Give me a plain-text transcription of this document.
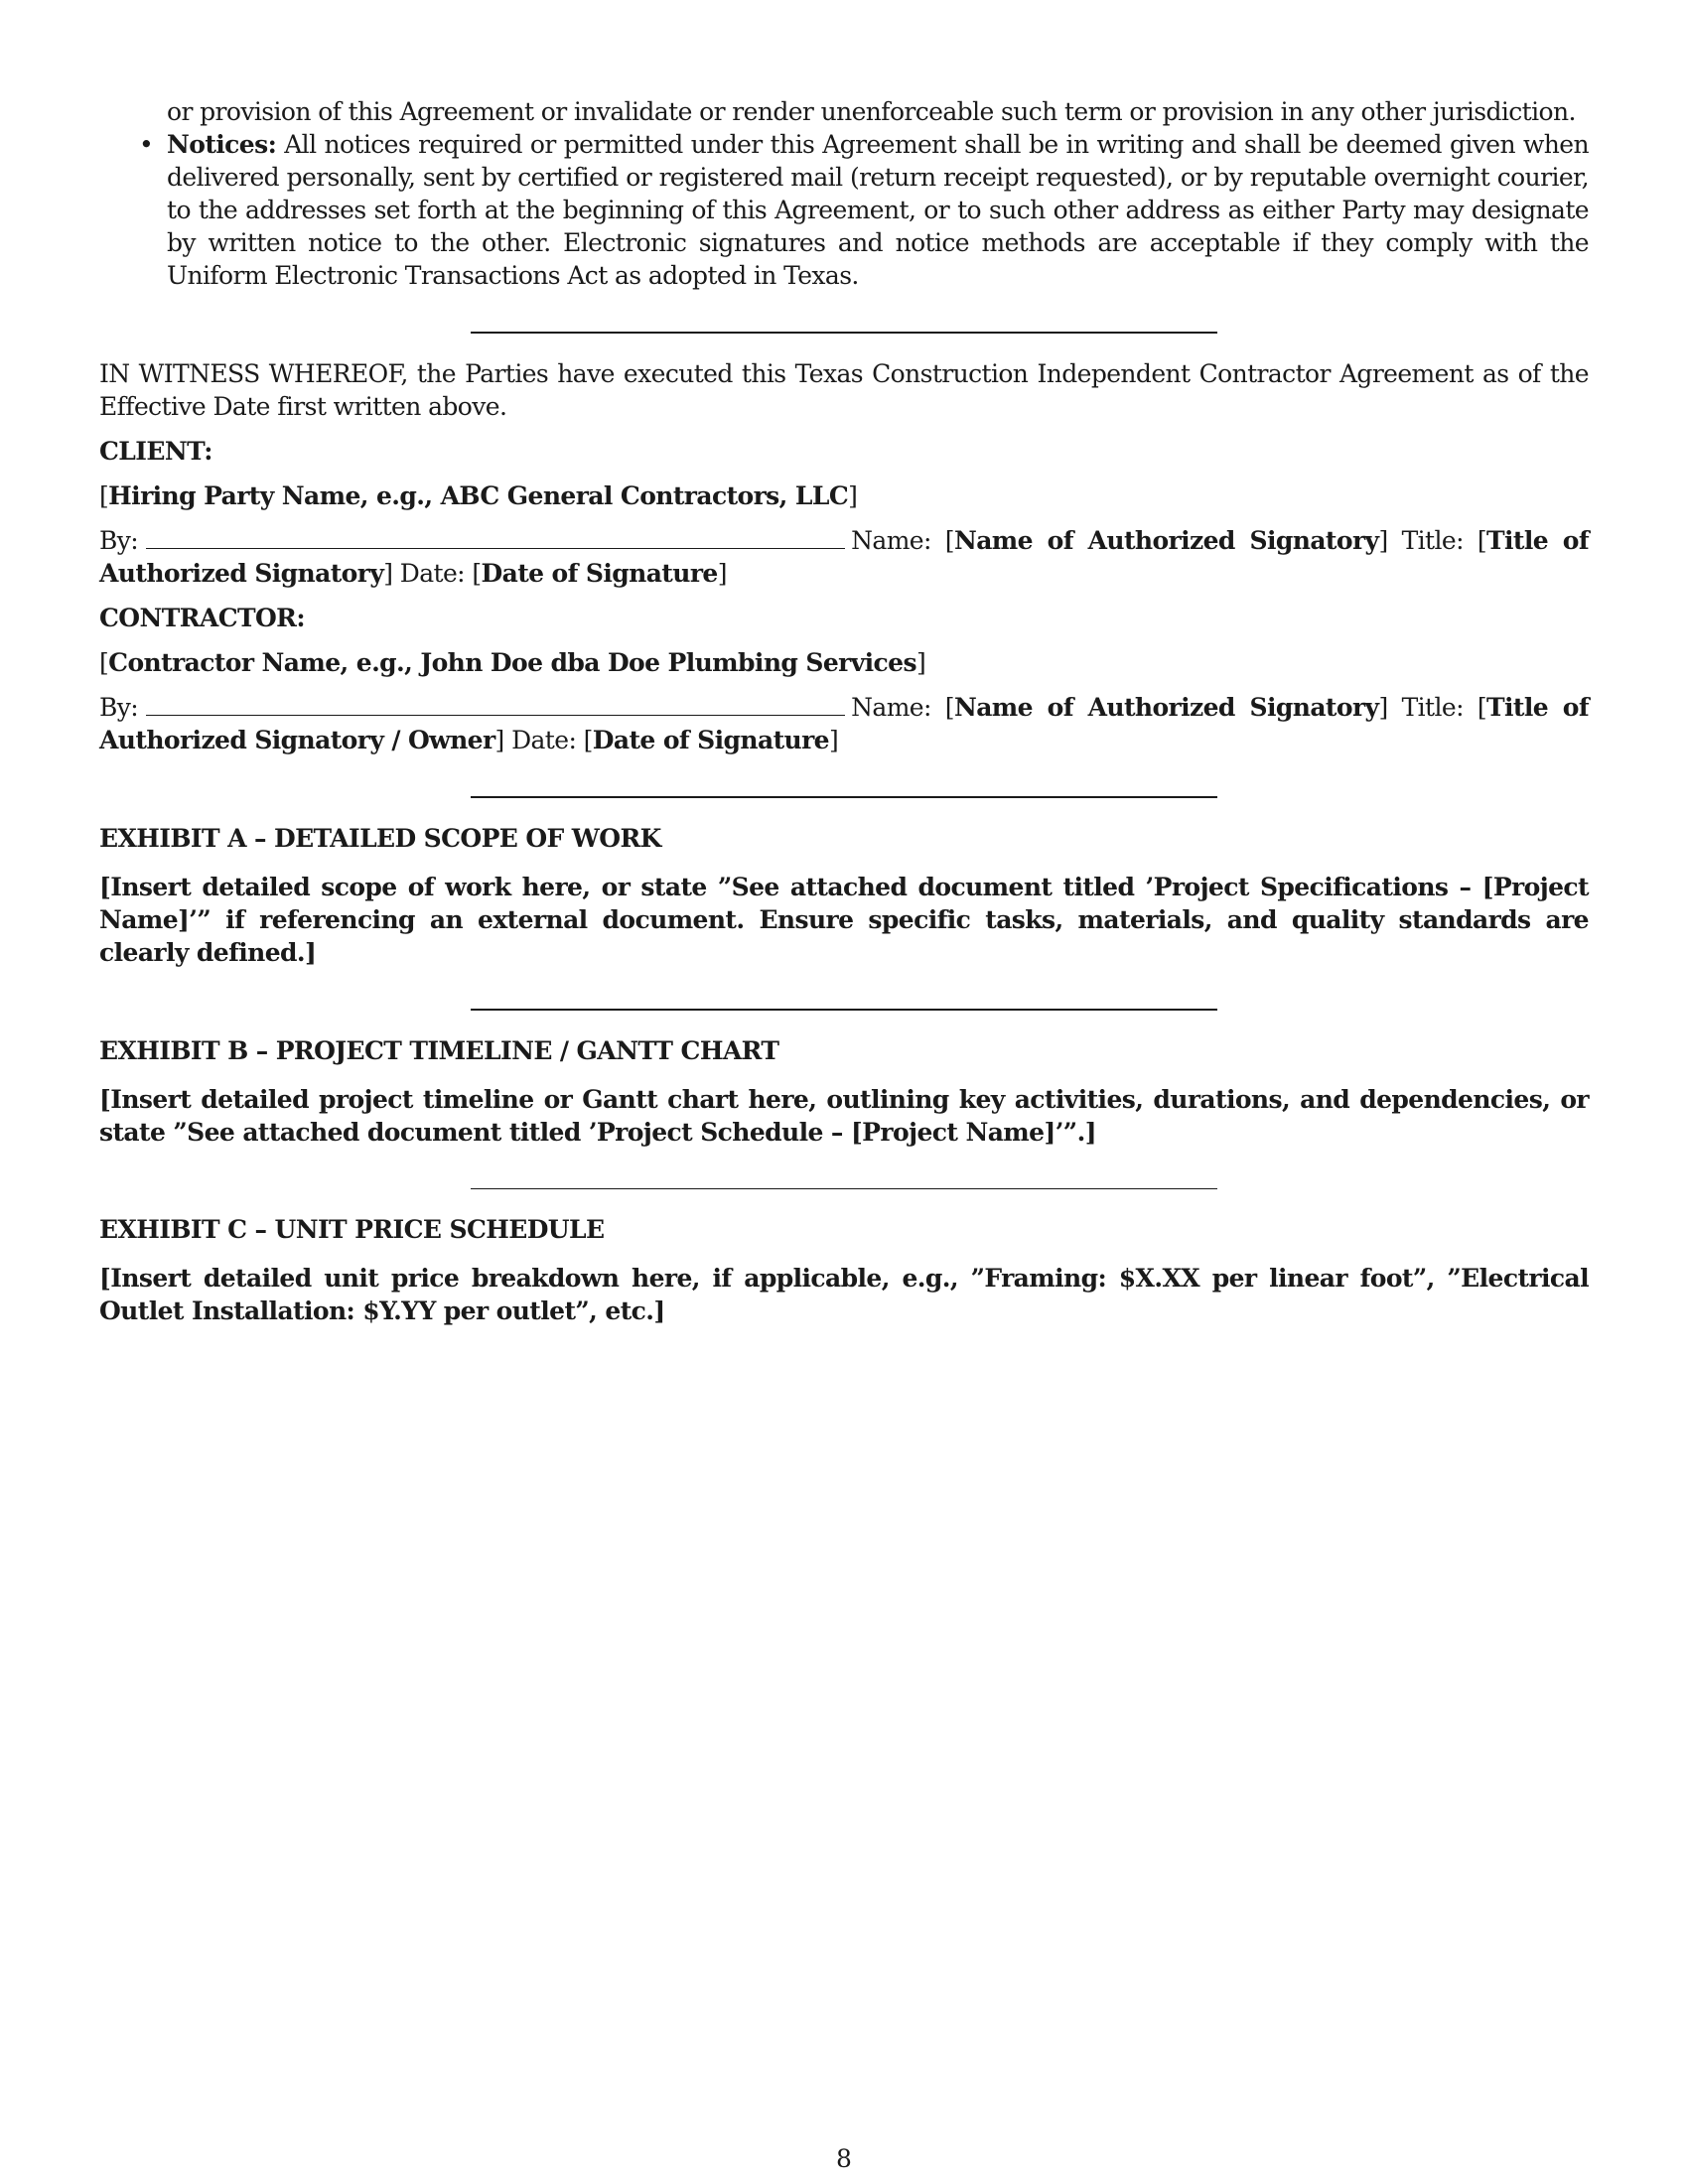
or provision of this Agreement or invalidate or render unenforceable such term or provision in any other jurisdiction.
• Notices: All notices required or permitted under this Agreement shall be in writing and shall be deemed given when delivered personally, sent by certified or registered mail (return receipt requested), or by reputable overnight courier, to the addresses set forth at the beginning of this Agreement, or to such other address as either Party may designate by written notice to the other. Electronic signatures and notice methods are acceptable if they comply with the Uniform Electronic Transactions Act as adopted in Texas.
IN WITNESS WHEREOF, the Parties have executed this Texas Construction Independent Contractor Agreement as of the Effective Date first written above.
CLIENT:
[Hiring Party Name, e.g., ABC General Contractors, LLC]
By:	Name: [Name of Authorized Signatory] Title: [Title of Authorized Signatory] Date: [Date of Signature]
CONTRACTOR:
[Contractor Name, e.g., John Doe dba Doe Plumbing Services]
By:	Name: [Name of Authorized Signatory] Title: [Title of Authorized Signatory / Owner] Date: [Date of Signature]
EXHIBIT A – DETAILED SCOPE OF WORK
[Insert detailed scope of work here, or state ”See attached document titled ’Project Specifications – [Project Name]’” if referencing an external document. Ensure specific tasks, materials, and quality standards are clearly defined.]
EXHIBIT B – PROJECT TIMELINE / GANTT CHART
[Insert detailed project timeline or Gantt chart here, outlining key activities, durations, and dependencies, or state ”See attached document titled ’Project Schedule – [Project Name]’”.]
EXHIBIT C – UNIT PRICE SCHEDULE
[Insert detailed unit price breakdown here, if applicable, e.g., ”Framing: $X.XX per linear foot”, ”Electrical Outlet Installation: $Y.YY per outlet”, etc.]
8
